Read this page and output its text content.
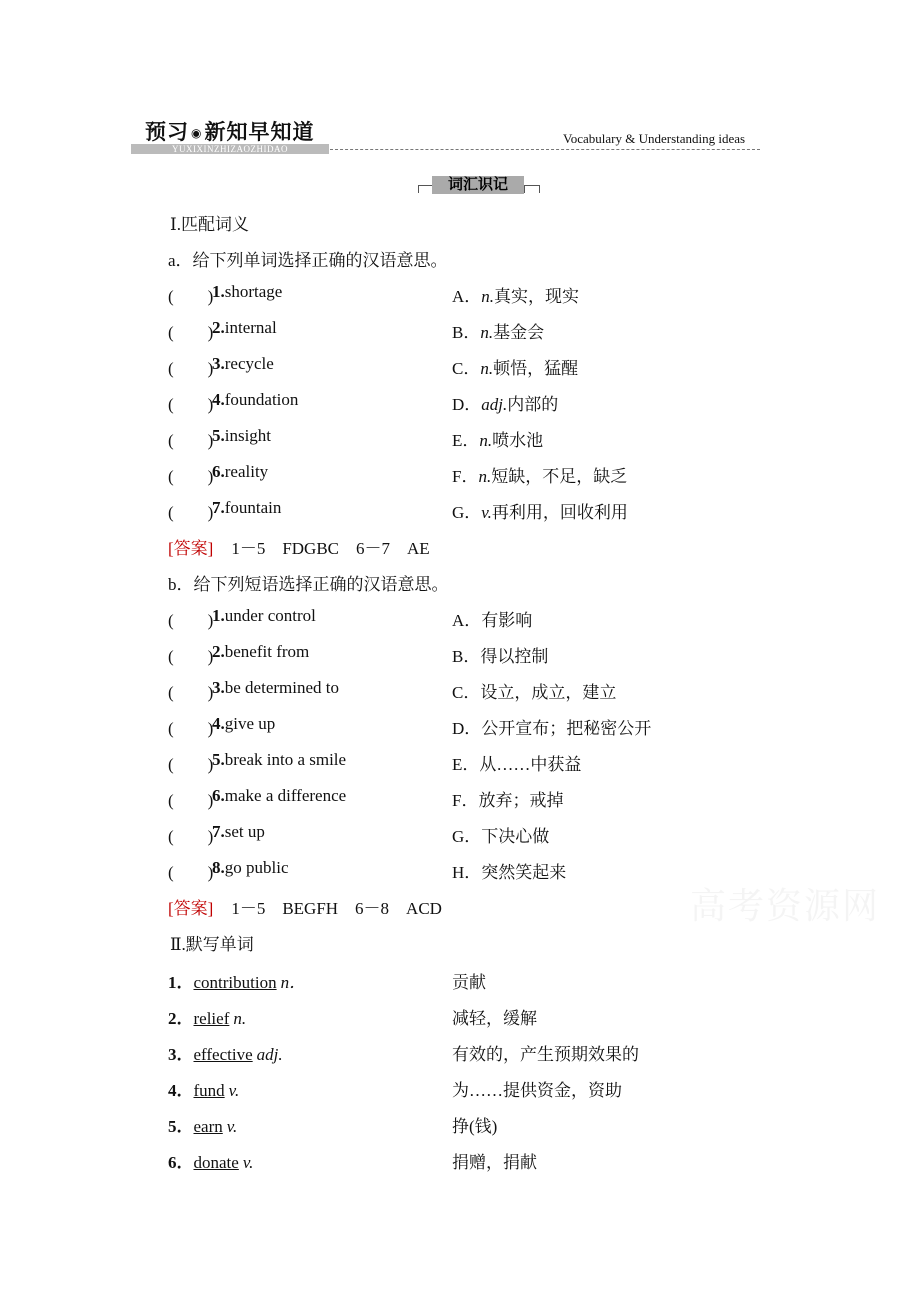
预习 ◉新知早知道
YUXIXINZHIZAOZHIDAO
Vocabulary & Understanding ideas
词汇识记
高考资源网
Ⅰ.匹配词义
a．给下列单词选择正确的汉语意思。
(　　)
1.shortage	A．n.真实，现实
(　　)
2.internal	B．n.基金会
(　　)
3.recycle	C．n.顿悟，猛醒
(　　)
4.foundation	D．adj.内部的
(　　)
5.insight	E．n.喷水池
(　　)
6.reality	F．n.短缺，不足，缺乏
(　　)
7.fountain	G．v.再利用，回收利用
[答案] 1－5　FDGBC　6－7　AE
b．给下列短语选择正确的汉语意思。
(　　)
1.under control	A．有影响
(　　)
2.benefit from	B．得以控制
(　　)
3.be determined to	C．设立，成立，建立
(　　)
4.give up	D．公开宣布；把秘密公开
(　　)
5.break into a smile	E．从……中获益
(　　)
6.make a difference	F．放弃；戒掉
(　　)
7.set up	G．下决心做
(　　)
8.go public	H．突然笑起来
[答案] 1－5　BEGFH　6－8　ACD
Ⅱ.默写单词
1．contribution n．	贡献
2．relief n.	减轻，缓解
3．effective adj.	有效的，产生预期效果的
4．fund v.	为……提供资金，资助
5．earn v.	挣(钱)
6．donate v.	捐赠，捐献
